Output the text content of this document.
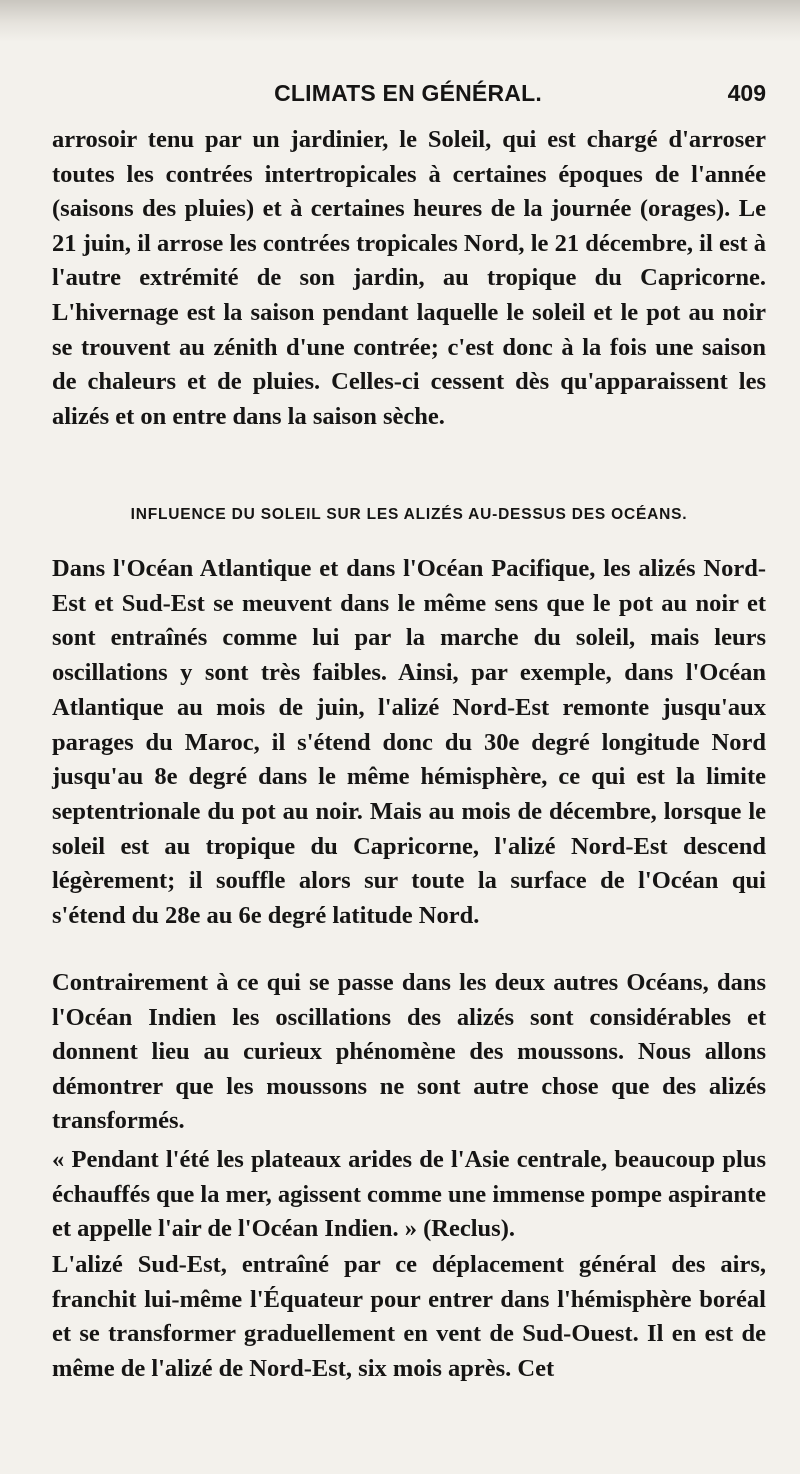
CLIMATS EN GÉNÉRAL.	409

arrosoir tenu par un jardinier, le Soleil, qui est chargé d'arroser toutes les contrées intertropicales à certaines époques de l'année (saisons des pluies) et à certaines heures de la journée (orages). Le 21 juin, il arrose les contrées tropicales Nord, le 21 décembre, il est à l'autre extrémité de son jardin, au tropique du Capricorne. L'hivernage est la saison pendant laquelle le soleil et le pot au noir se trouvent au zénith d'une contrée; c'est donc à la fois une saison de chaleurs et de pluies. Celles-ci cessent dès qu'apparaissent les alizés et on entre dans la saison sèche.

INFLUENCE DU SOLEIL SUR LES ALIZÉS AU-DESSUS DES OCÉANS.

Dans l'Océan Atlantique et dans l'Océan Pacifique, les alizés Nord-Est et Sud-Est se meuvent dans le même sens que le pot au noir et sont entraînés comme lui par la marche du soleil, mais leurs oscillations y sont très faibles. Ainsi, par exemple, dans l'Océan Atlantique au mois de juin, l'alizé Nord-Est remonte jusqu'aux parages du Maroc, il s'étend donc du 30e degré longitude Nord jusqu'au 8e degré dans le même hémisphère, ce qui est la limite septentrionale du pot au noir. Mais au mois de décembre, lorsque le soleil est au tropique du Capricorne, l'alizé Nord-Est descend légèrement; il souffle alors sur toute la surface de l'Océan qui s'étend du 28e au 6e degré latitude Nord.

Contrairement à ce qui se passe dans les deux autres Océans, dans l'Océan Indien les oscillations des alizés sont considérables et donnent lieu au curieux phénomène des moussons. Nous allons démontrer que les moussons ne sont autre chose que des alizés transformés.

« Pendant l'été les plateaux arides de l'Asie centrale, beaucoup plus échauffés que la mer, agissent comme une immense pompe aspirante et appelle l'air de l'Océan Indien. » (Reclus).

L'alizé Sud-Est, entraîné par ce déplacement général des airs, franchit lui-même l'Équateur pour entrer dans l'hémisphère boréal et se transformer graduellement en vent de Sud-Ouest. Il en est de même de l'alizé de Nord-Est, six mois après. Cet
